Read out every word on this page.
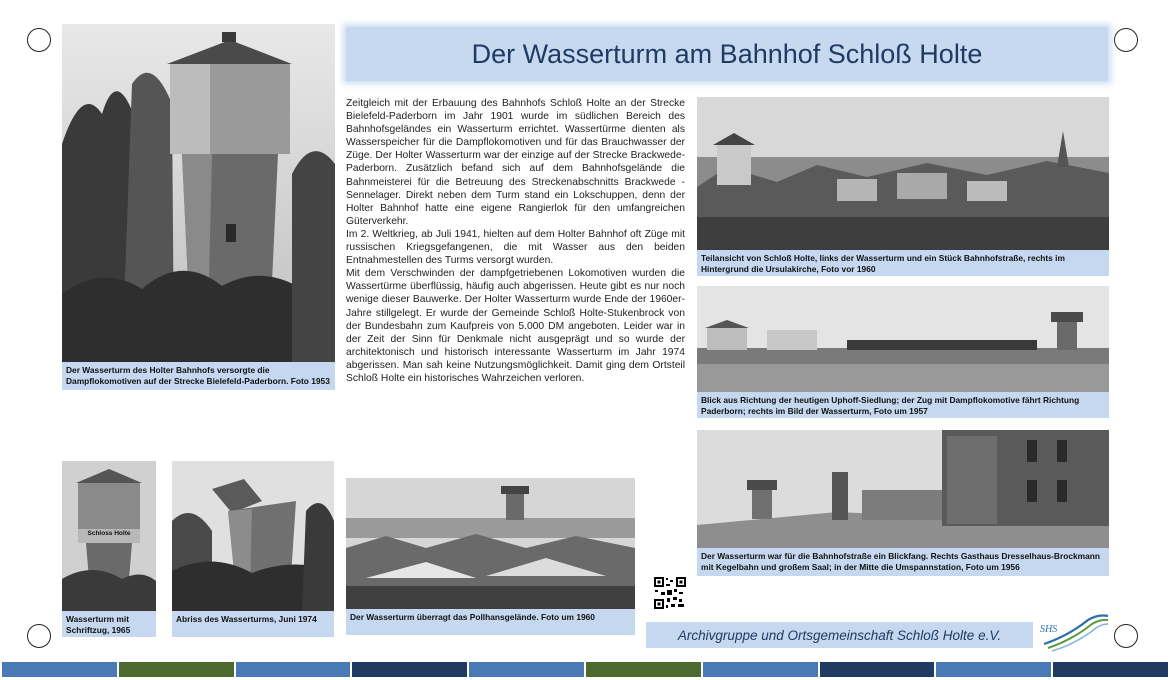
Der Wasserturm am Bahnhof Schloß Holte
Der Wasserturm des Holter Bahnhofs versorgte die Dampflokomotiven auf der Strecke Bielefeld-Paderborn. Foto 1953

Zeitgleich mit der Erbauung des Bahnhofs Schloß Holte an der Strecke Bielefeld-Paderborn im Jahr 1901 wurde im südlichen Bereich des Bahnhofsgeländes ein Wasserturm errichtet. Wassertürme dienten als Wasserspeicher für die Dampflokomotiven und für das Brauchwasser der Züge. Der Holter Wasserturm war der einzige auf der Strecke Brackwede-Paderborn. Zusätzlich befand sich auf dem Bahnhofsgelände die Bahnmeisterei für die Betreuung des Streckenabschnitts Brackwede - Sennelager. Direkt neben dem Turm stand ein Lokschuppen, denn der Holter Bahnhof hatte eine eigene Rangierlok für den umfangreichen Güterverkehr.

Im 2. Weltkrieg, ab Juli 1941, hielten auf dem Holter Bahnhof oft Züge mit russischen Kriegsgefangenen, die mit Wasser aus den beiden Entnahmestellen des Turms versorgt wurden.

Mit dem Verschwinden der dampfgetriebenen Lokomotiven wurden die Wassertürme überflüssig, häufig auch abgerissen. Heute gibt es nur noch wenige dieser Bauwerke. Der Holter Wasserturm wurde Ende der 1960er-Jahre stillgelegt. Er wurde der Gemeinde Schloß Holte-Stukenbrock von der Bundesbahn zum Kaufpreis von 5.000 DM angeboten. Leider war in der Zeit der Sinn für Denkmale nicht ausgeprägt und so wurde der architektonisch und historisch interessante Wasserturm im Jahr 1974 abgerissen. Man sah keine Nutzungsmöglichkeit. Damit ging dem Ortsteil Schloß Holte ein historisches Wahrzeichen verloren.

Teilansicht von Schloß Holte, links der Wasserturm und ein Stück Bahnhofstraße, rechts im Hintergrund die Ursulakirche, Foto vor 1960
Blick aus Richtung der heutigen Uphoff-Siedlung; der Zug mit Dampflokomotive fährt Richtung Paderborn; rechts im Bild der Wasserturm, Foto um 1957
Der Wasserturm war für die Bahnhofstraße ein Blickfang. Rechts Gasthaus Dresselhaus-Brockmann mit Kegelbahn und großem Saal; in der Mitte die Umspannstation, Foto um 1956
Schloss Holte
Wasserturm mit Schriftzug, 1965
Abriss des Wasserturms, Juni 1974	Der Wasserturm überragt das Pollhansgelände. Foto um 1960
Archivgruppe und Ortsgemeinschaft Schloß Holte e.V.	SHS
